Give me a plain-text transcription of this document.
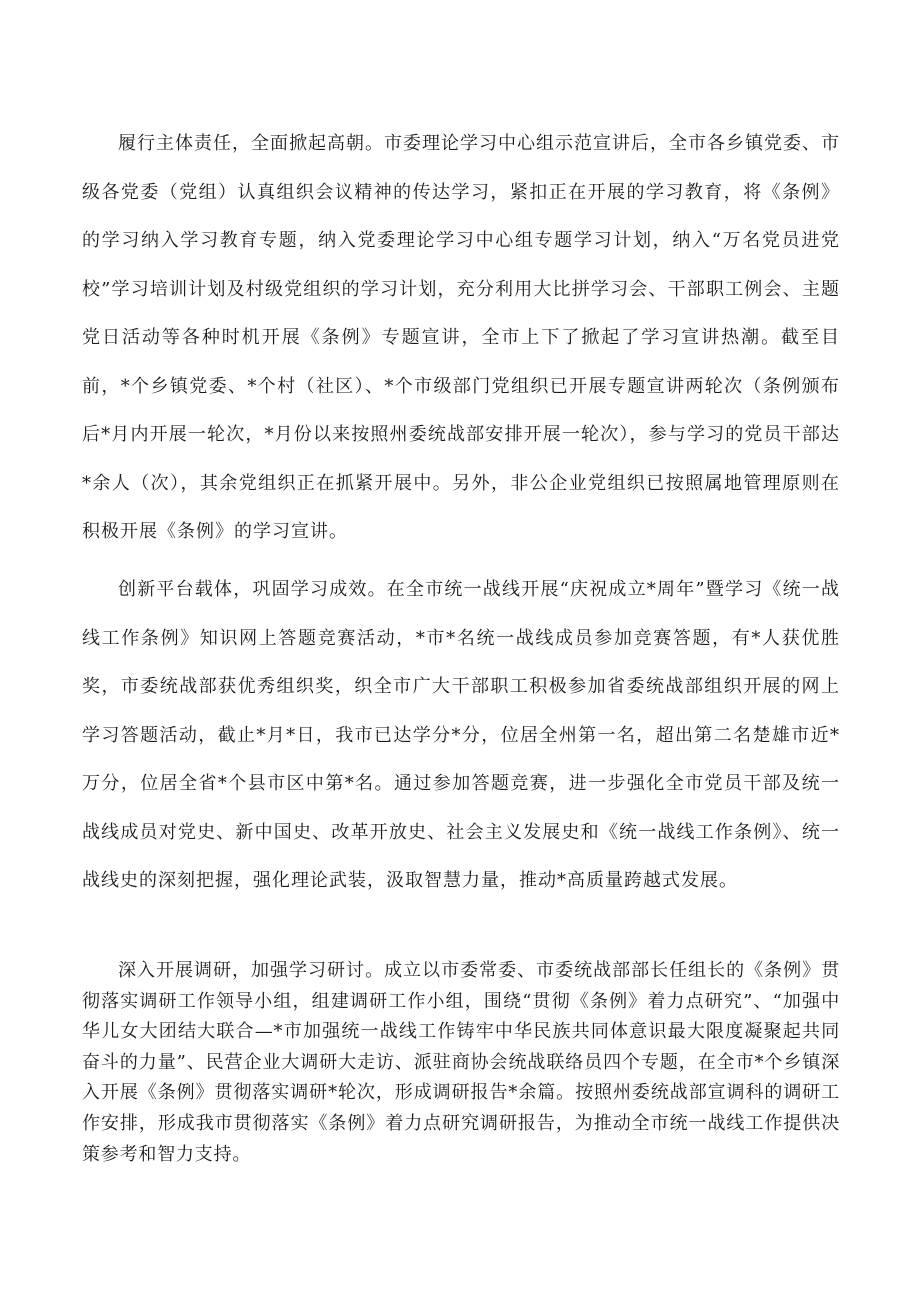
履行主体责任，全面掀起高朝。市委理论学习中心组示范宣讲后，全市各乡镇党委、市级各党委（党组）认真组织会议精神的传达学习，紧扣正在开展的学习教育，将《条例》的学习纳入学习教育专题，纳入党委理论学习中心组专题学习计划，纳入“万名党员进党校”学习培训计划及村级党组织的学习计划，充分利用大比拼学习会、干部职工例会、主题党日活动等各种时机开展《条例》专题宣讲，全市上下了掀起了学习宣讲热潮。截至目前，*个乡镇党委、*个村（社区）、*个市级部门党组织已开展专题宣讲两轮次（条例颁布后*月内开展一轮次，*月份以来按照州委统战部安排开展一轮次），参与学习的党员干部达*余人（次），其余党组织正在抓紧开展中。另外，非公企业党组织已按照属地管理原则在积极开展《条例》的学习宣讲。

创新平台载体，巩固学习成效。在全市统一战线开展“庆祝成立*周年”暨学习《统一战线工作条例》知识网上答题竞赛活动，*市*名统一战线成员参加竞赛答题，有*人获优胜奖，市委统战部获优秀组织奖，织全市广大干部职工积极参加省委统战部组织开展的网上学习答题活动，截止*月*日，我市已达学分*分，位居全州第一名，超出第二名楚雄市近*万分，位居全省*个县市区中第*名。通过参加答题竞赛，进一步强化全市党员干部及统一战线成员对党史、新中国史、改革开放史、社会主义发展史和《统一战线工作条例》、统一战线史的深刻把握，强化理论武装，汲取智慧力量，推动*高质量跨越式发展。

深入开展调研，加强学习研讨。成立以市委常委、市委统战部部长任组长的《条例》贯彻落实调研工作领导小组，组建调研工作小组，围绕“贯彻《条例》着力点研究”、“加强中华儿女大团结大联合—*市加强统一战线工作铸牢中华民族共同体意识最大限度凝聚起共同奋斗的力量”、民营企业大调研大走访、派驻商协会统战联络员四个专题，在全市*个乡镇深入开展《条例》贯彻落实调研*轮次，形成调研报告*余篇。按照州委统战部宣调科的调研工作安排，形成我市贯彻落实《条例》着力点研究调研报告，为推动全市统一战线工作提供决策参考和智力支持。
